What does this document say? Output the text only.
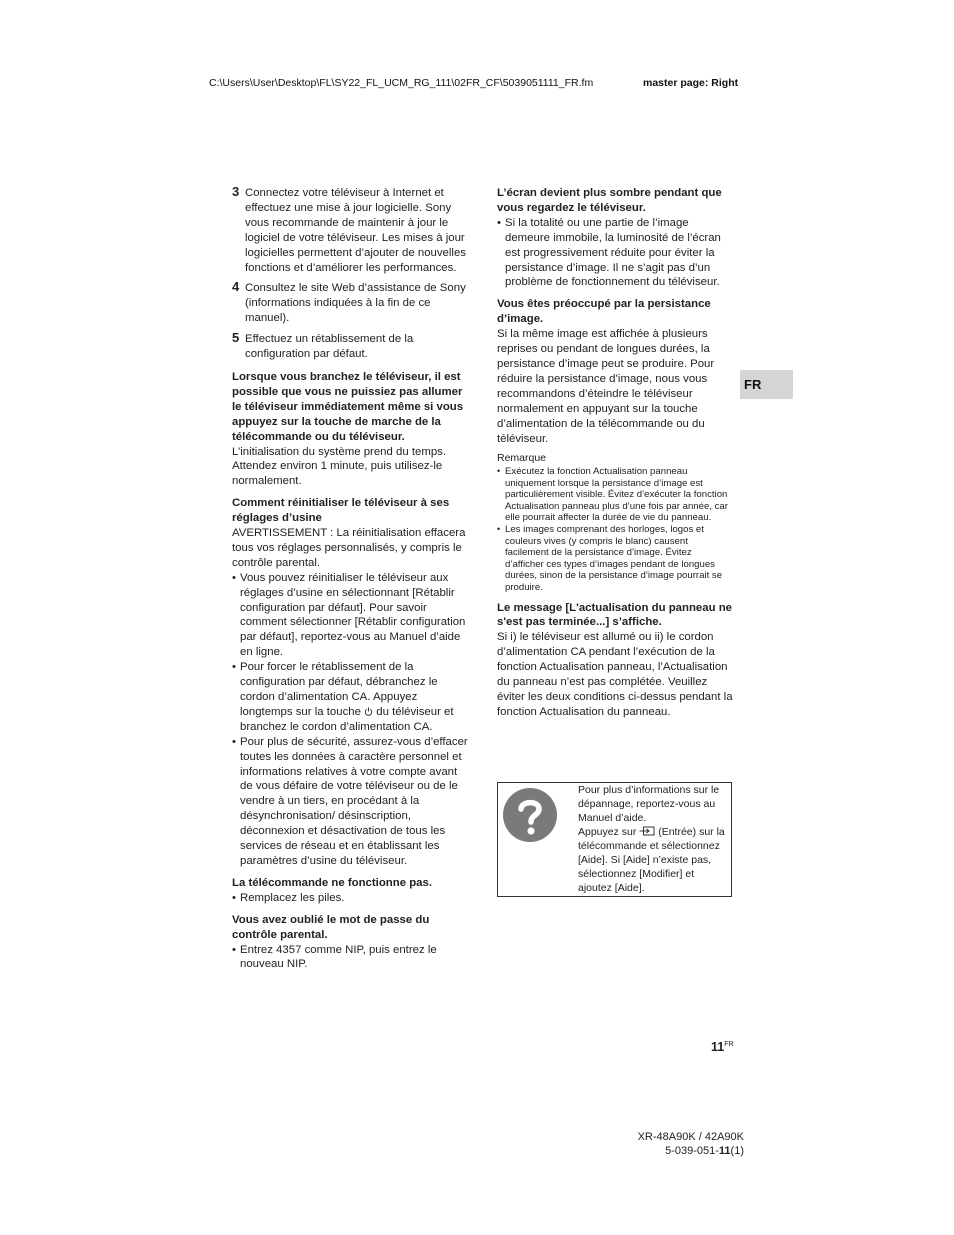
C:\Users\User\Desktop\FL\SY22_FL_UCM_RG_111\02FR_CF\5039051111_FR.fm	master page: Right
3 Connectez votre téléviseur à Internet et effectuez une mise à jour logicielle. Sony vous recommande de maintenir à jour le logiciel de votre téléviseur. Les mises à jour logicielles permettent d’ajouter de nouvelles fonctions et d’améliorer les performances.

4 Consultez le site Web d’assistance de Sony (informations indiquées à la fin de ce manuel).

5 Effectuez un rétablissement de la configuration par défaut.

Lorsque vous branchez le téléviseur, il est possible que vous ne puissiez pas allumer le téléviseur immédiatement même si vous appuyez sur la touche de marche de la télécommande ou du téléviseur.

L’initialisation du système prend du temps. Attendez environ 1 minute, puis utilisez-le normalement.

Comment réinitialiser le téléviseur à ses réglages d’usine

AVERTISSEMENT : La réinitialisation effacera tous vos réglages personnalisés, y compris le contrôle parental.

• Vous pouvez réinitialiser le téléviseur aux réglages d’usine en sélectionnant [Rétablir configuration par défaut]. Pour savoir comment sélectionner [Rétablir configuration par défaut], reportez-vous au Manuel d’aide en ligne.
• Pour forcer le rétablissement de la configuration par défaut, débranchez le cordon d’alimentation CA. Appuyez longtemps sur la touche du téléviseur et branchez le cordon d’alimentation CA.
• Pour plus de sécurité, assurez-vous d’effacer toutes les données à caractère personnel et informations relatives à votre compte avant de vous défaire de votre téléviseur ou de le vendre à un tiers, en procédant à la désynchronisation/ désinscription, déconnexion et désactivation de tous les services de réseau et en établissant les paramètres d’usine du téléviseur.

La télécommande ne fonctionne pas.

• Remplacez les piles.

Vous avez oublié le mot de passe du contrôle parental.

• Entrez 4357 comme NIP, puis entrez le nouveau NIP.

L’écran devient plus sombre pendant que vous regardez le téléviseur.

• Si la totalité ou une partie de l’image demeure immobile, la luminosité de l’écran est progressivement réduite pour éviter la persistance d’image. Il ne s’agit pas d’un problème de fonctionnement du téléviseur.

Vous êtes préoccupé par la persistance d’image.

Si la même image est affichée à plusieurs reprises ou pendant de longues durées, la persistance d’image peut se produire. Pour réduire la persistance d’image, nous vous recommandons d’éteindre le téléviseur normalement en appuyant sur la touche d’alimentation de la télécommande ou du téléviseur.

Remarque

• Exécutez la fonction Actualisation panneau uniquement lorsque la persistance d’image est particulièrement visible. Évitez d’exécuter la fonction Actualisation panneau plus d’une fois par année, car elle pourrait affecter la durée de vie du panneau.
• Les images comprenant des horloges, logos et couleurs vives (y compris le blanc) causent facilement de la persistance d’image. Évitez d’afficher ces types d’images pendant de longues durées, sinon de la persistance d’image pourrait se produire.

Le message [L'actualisation du panneau ne s'est pas terminée...] s’affiche.

Si i) le téléviseur est allumé ou ii) le cordon d’alimentation CA pendant l’exécution de la fonction Actualisation panneau, l’Actualisation du panneau n’est pas complétée. Veuillez éviter les deux conditions ci-dessus pendant la fonction Actualisation du panneau.

Pour plus d’informations sur le dépannage, reportez-vous au Manuel d’aide.
Appuyez sur (Entrée) sur la télécommande et sélectionnez [Aide]. Si [Aide] n’existe pas, sélectionnez [Modifier] et ajoutez [Aide].
FR
$11^{FR}$
XR-48A90K / 42A90K
5-039-051-11(1)
